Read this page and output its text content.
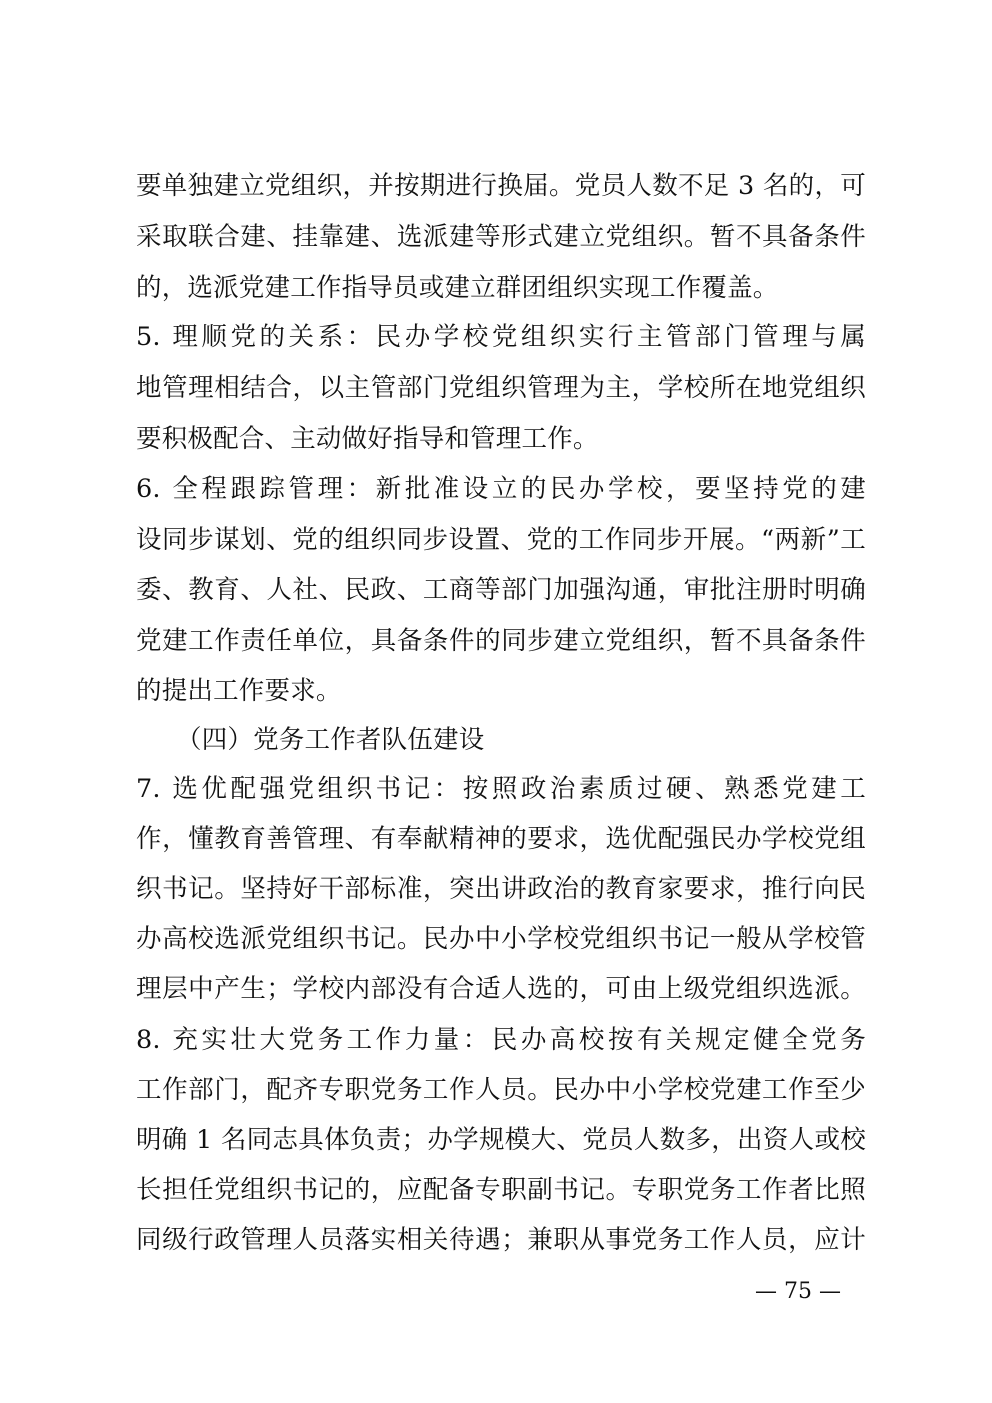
要单独建立党组织，并按期进行换届。党员人数不足 3 名的，可
采取联合建、挂靠建、选派建等形式建立党组织。暂不具备条件
的，选派党建工作指导员或建立群团组织实现工作覆盖。
5. 理顺党的关系：民办学校党组织实行主管部门管理与属
地管理相结合，以主管部门党组织管理为主，学校所在地党组织
要积极配合、主动做好指导和管理工作。
6. 全程跟踪管理：新批准设立的民办学校，要坚持党的建
设同步谋划、党的组织同步设置、党的工作同步开展。“两新”工
委、教育、人社、民政、工商等部门加强沟通，审批注册时明确
党建工作责任单位，具备条件的同步建立党组织，暂不具备条件
的提出工作要求。
（四）党务工作者队伍建设
7. 选优配强党组织书记：按照政治素质过硬、熟悉党建工
作，懂教育善管理、有奉献精神的要求，选优配强民办学校党组
织书记。坚持好干部标准，突出讲政治的教育家要求，推行向民
办高校选派党组织书记。民办中小学校党组织书记一般从学校管
理层中产生；学校内部没有合适人选的，可由上级党组织选派。
8. 充实壮大党务工作力量：民办高校按有关规定健全党务
工作部门，配齐专职党务工作人员。民办中小学校党建工作至少
明确 1 名同志具体负责；办学规模大、党员人数多，出资人或校
长担任党组织书记的，应配备专职副书记。专职党务工作者比照
同级行政管理人员落实相关待遇；兼职从事党务工作人员，应计
— 75 —
